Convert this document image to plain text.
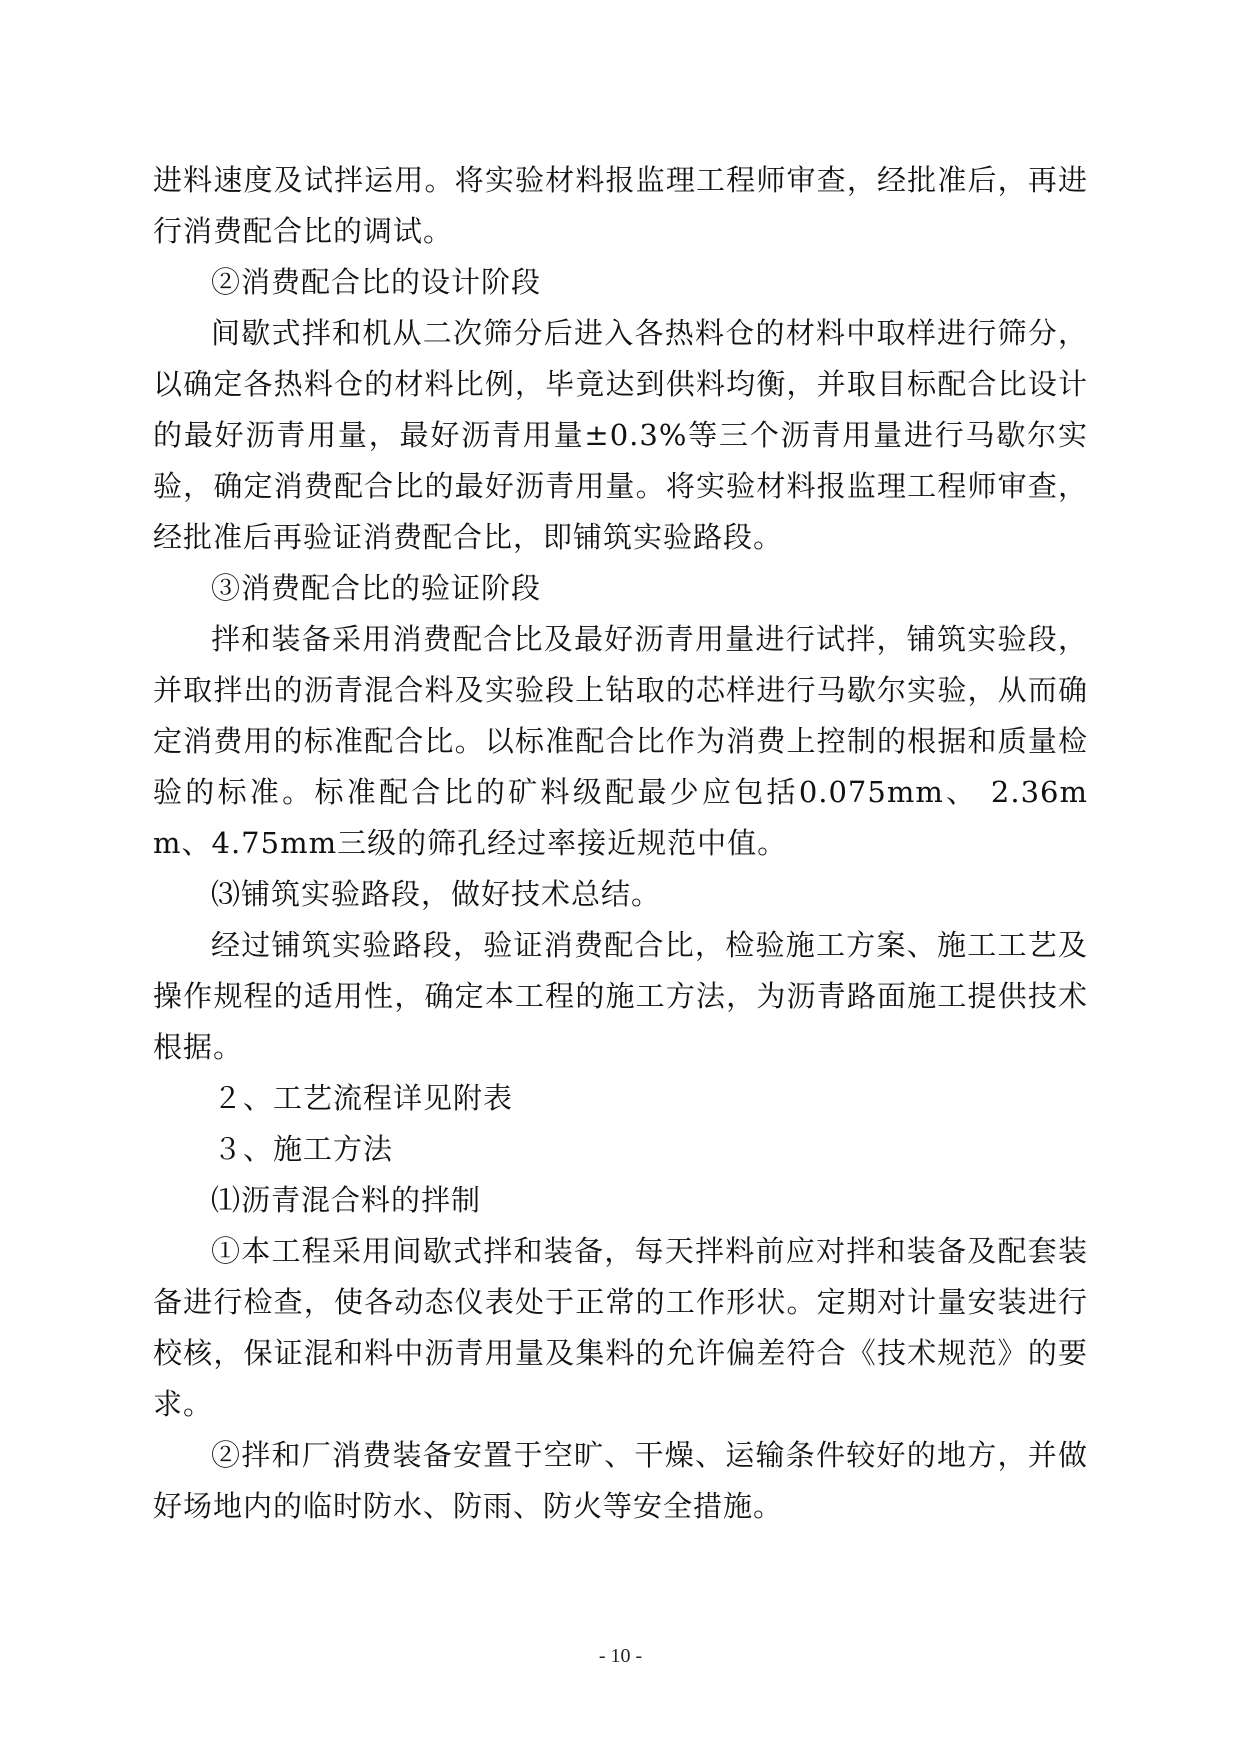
进料速度及试拌运用。将实验材料报监理工程师审查，经批准后，再进行消费配合比的调试。

②消费配合比的设计阶段

间歇式拌和机从二次筛分后进入各热料仓的材料中取样进行筛分，以确定各热料仓的材料比例，毕竟达到供料均衡，并取目标配合比设计的最好沥青用量，最好沥青用量±0.3%等三个沥青用量进行马歇尔实验，确定消费配合比的最好沥青用量。将实验材料报监理工程师审查，经批准后再验证消费配合比，即铺筑实验路段。

③消费配合比的验证阶段

拌和装备采用消费配合比及最好沥青用量进行试拌，铺筑实验段，并取拌出的沥青混合料及实验段上钻取的芯样进行马歇尔实验，从而确定消费用的标准配合比。以标准配合比作为消费上控制的根据和质量检验的标准。标准配合比的矿料级配最少应包括0.075mm、 2.36mm、4.75mm三级的筛孔经过率接近规范中值。

⑶铺筑实验路段，做好技术总结。

经过铺筑实验路段，验证消费配合比，检验施工方案、施工工艺及操作规程的适用性，确定本工程的施工方法，为沥青路面施工提供技术根据。

２、工艺流程详见附表

３、施工方法

⑴沥青混合料的拌制

①本工程采用间歇式拌和装备，每天拌料前应对拌和装备及配套装备进行检查，使各动态仪表处于正常的工作形状。定期对计量安装进行校核，保证混和料中沥青用量及集料的允许偏差符合《技术规范》的要求。

②拌和厂消费装备安置于空旷、干燥、运输条件较好的地方，并做好场地内的临时防水、防雨、防火等安全措施。

- 10 -
